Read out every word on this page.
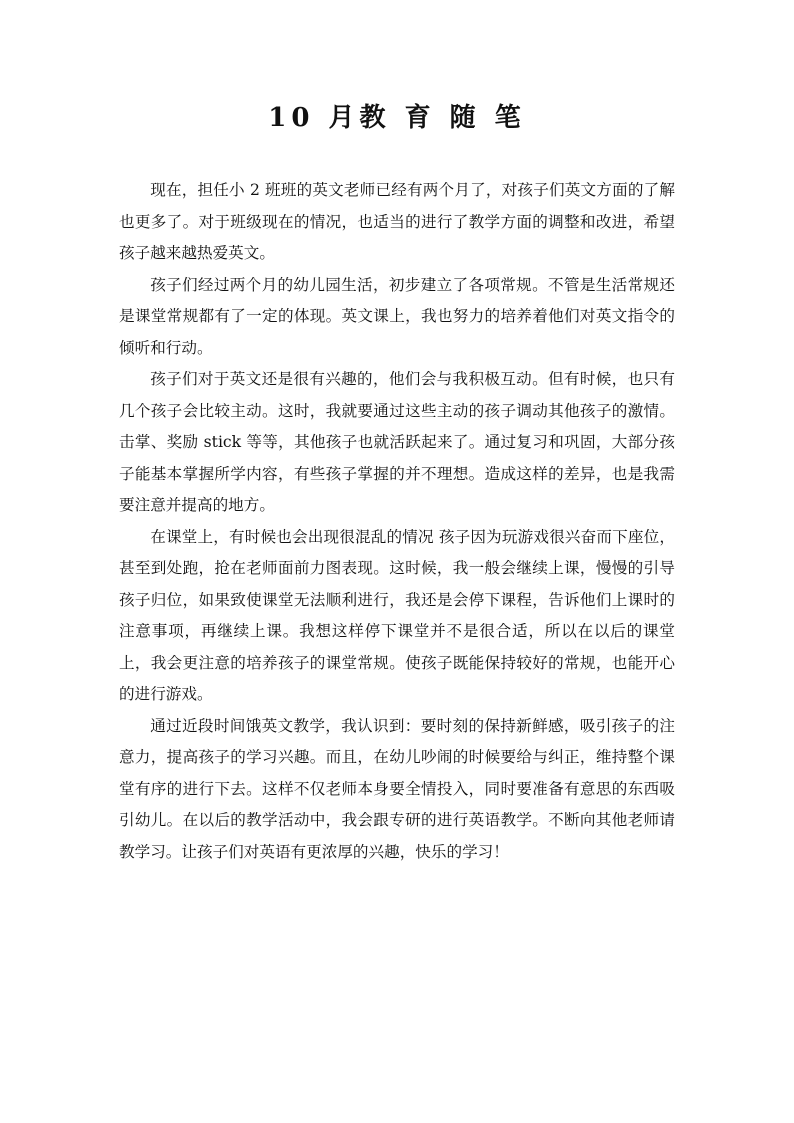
10 月教 育 随 笔

现在，担任小 2 班班的英文老师已经有两个月了，对孩子们英文方面的了解也更多了。对于班级现在的情况，也适当的进行了教学方面的调整和改进，希望孩子越来越热爱英文。

孩子们经过两个月的幼儿园生活，初步建立了各项常规。不管是生活常规还是课堂常规都有了一定的体现。英文课上，我也努力的培养着他们对英文指令的倾听和行动。

孩子们对于英文还是很有兴趣的，他们会与我积极互动。但有时候，也只有几个孩子会比较主动。这时，我就要通过这些主动的孩子调动其他孩子的激情。击掌、奖励 stick 等等，其他孩子也就活跃起来了。通过复习和巩固，大部分孩子能基本掌握所学内容，有些孩子掌握的并不理想。造成这样的差异，也是我需要注意并提高的地方。

在课堂上，有时候也会出现很混乱的情况 孩子因为玩游戏很兴奋而下座位，甚至到处跑，抢在老师面前力图表现。这时候，我一般会继续上课，慢慢的引导孩子归位，如果致使课堂无法顺利进行，我还是会停下课程，告诉他们上课时的注意事项，再继续上课。我想这样停下课堂并不是很合适，所以在以后的课堂上，我会更注意的培养孩子的课堂常规。使孩子既能保持较好的常规，也能开心的进行游戏。

通过近段时间饿英文教学，我认识到：要时刻的保持新鲜感，吸引孩子的注意力，提高孩子的学习兴趣。而且，在幼儿吵闹的时候要给与纠正，维持整个课堂有序的进行下去。这样不仅老师本身要全情投入，同时要准备有意思的东西吸引幼儿。在以后的教学活动中，我会跟专研的进行英语教学。不断向其他老师请教学习。让孩子们对英语有更浓厚的兴趣，快乐的学习！
